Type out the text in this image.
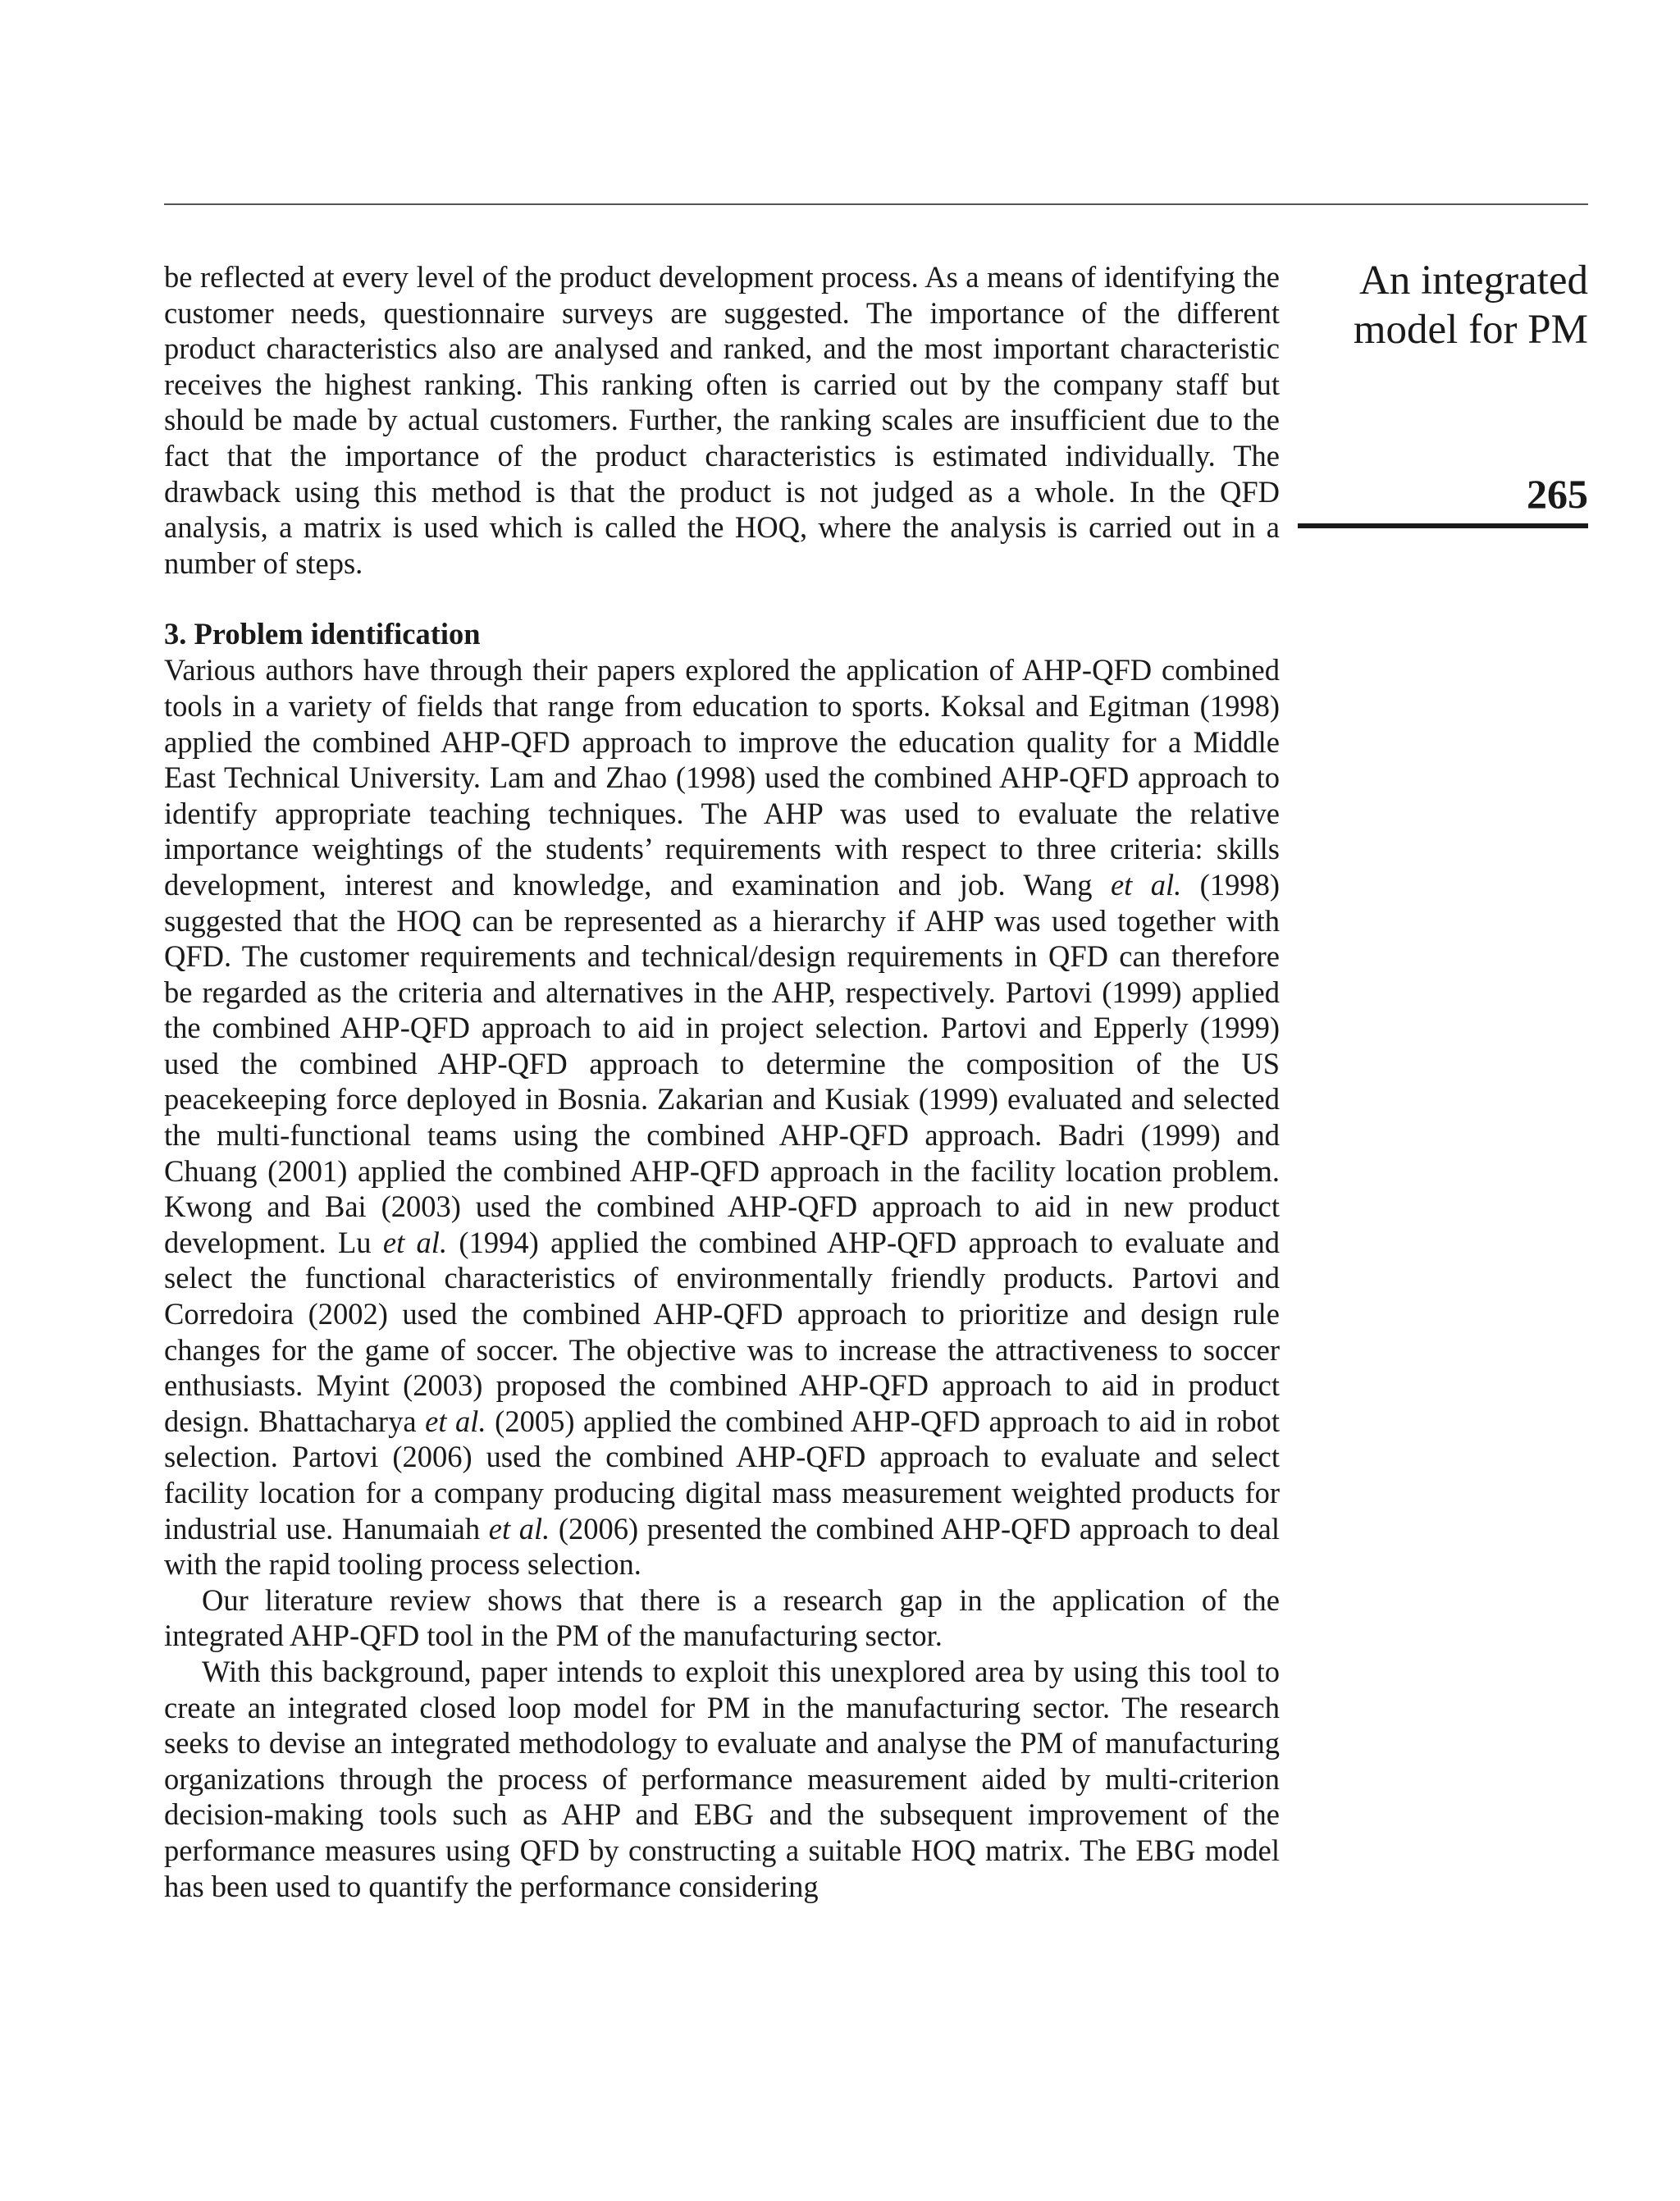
An integrated
model for PM
265

be reflected at every level of the product development process. As a means of identifying the customer needs, questionnaire surveys are suggested. The importance of the different product characteristics also are analysed and ranked, and the most important characteristic receives the highest ranking. This ranking often is carried out by the company staff but should be made by actual customers. Further, the ranking scales are insufficient due to the fact that the importance of the product characteristics is estimated individually. The drawback using this method is that the product is not judged as a whole. In the QFD analysis, a matrix is used which is called the HOQ, where the analysis is carried out in a number of steps.

3. Problem identification

Various authors have through their papers explored the application of AHP-QFD combined tools in a variety of fields that range from education to sports. Koksal and Egitman (1998) applied the combined AHP-QFD approach to improve the education quality for a Middle East Technical University. Lam and Zhao (1998) used the combined AHP-QFD approach to identify appropriate teaching techniques. The AHP was used to evaluate the relative importance weightings of the students’ requirements with respect to three criteria: skills development, interest and knowledge, and examination and job. Wang et al. (1998) suggested that the HOQ can be represented as a hierarchy if AHP was used together with QFD. The customer requirements and technical/design requirements in QFD can therefore be regarded as the criteria and alternatives in the AHP, respectively. Partovi (1999) applied the combined AHP-QFD approach to aid in project selection. Partovi and Epperly (1999) used the combined AHP-QFD approach to determine the composition of the US peacekeeping force deployed in Bosnia. Zakarian and Kusiak (1999) evaluated and selected the multi-functional teams using the combined AHP-QFD approach. Badri (1999) and Chuang (2001) applied the combined AHP-QFD approach in the facility location problem. Kwong and Bai (2003) used the combined AHP-QFD approach to aid in new product development. Lu et al. (1994) applied the combined AHP-QFD approach to evaluate and select the functional characteristics of environmentally friendly products. Partovi and Corredoira (2002) used the combined AHP-QFD approach to prioritize and design rule changes for the game of soccer. The objective was to increase the attractiveness to soccer enthusiasts. Myint (2003) proposed the combined AHP-QFD approach to aid in product design. Bhattacharya et al. (2005) applied the combined AHP-QFD approach to aid in robot selection. Partovi (2006) used the combined AHP-QFD approach to evaluate and select facility location for a company producing digital mass measurement weighted products for industrial use. Hanumaiah et al. (2006) presented the combined AHP-QFD approach to deal with the rapid tooling process selection.

Our literature review shows that there is a research gap in the application of the integrated AHP-QFD tool in the PM of the manufacturing sector.

With this background, paper intends to exploit this unexplored area by using this tool to create an integrated closed loop model for PM in the manufacturing sector. The research seeks to devise an integrated methodology to evaluate and analyse the PM of manufacturing organizations through the process of performance measurement aided by multi-criterion decision-making tools such as AHP and EBG and the subsequent improvement of the performance measures using QFD by constructing a suitable HOQ matrix. The EBG model has been used to quantify the performance considering
